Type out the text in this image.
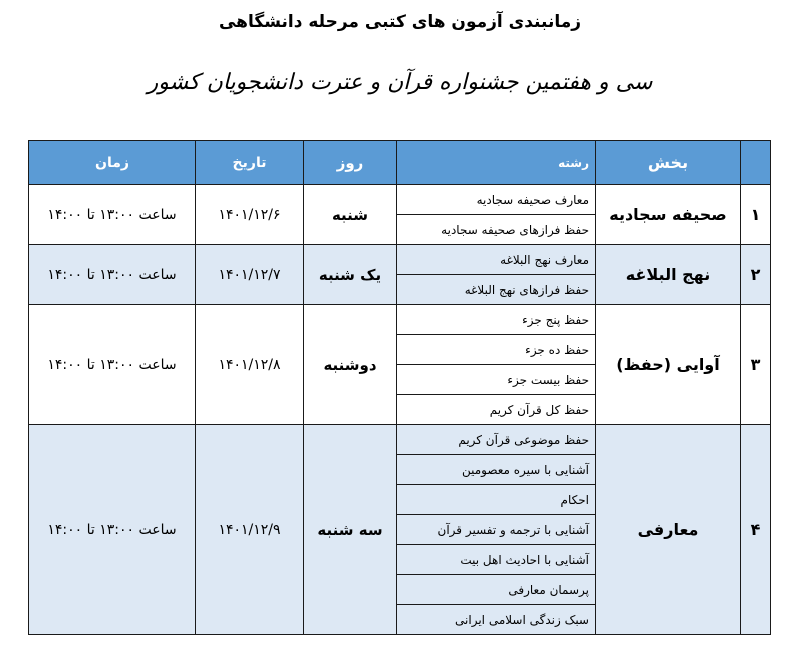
زمانبندی آزمون های کتبی مرحله دانشگاهی
سی و هفتمین جشنواره قرآن و عترت دانشجویان کشور
	بخش	رشته	روز	تاریخ	زمان
۱	صحیفه سجادیه	معارف صحیفه سجادیه	شنبه	۱۴۰۱/۱۲/۶	ساعت ۱۳:۰۰ تا ۱۴:۰۰
		حفظ فرازهای صحیفه سجادیه			
۲	نهج البلاغه	معارف نهج البلاغه	یک شنبه	۱۴۰۱/۱۲/۷	ساعت ۱۳:۰۰ تا ۱۴:۰۰
		حفظ فرازهای نهج البلاغه			
۳	آوایی (حفظ)	حفظ پنج جزء	دوشنبه	۱۴۰۱/۱۲/۸	ساعت ۱۳:۰۰ تا ۱۴:۰۰
		حفظ ده جزء			
		حفظ بیست جزء			
		حفظ کل قرآن کریم			
۴	معارفی	حفظ موضوعی قرآن کریم	سه شنبه	۱۴۰۱/۱۲/۹	ساعت ۱۳:۰۰ تا ۱۴:۰۰
		آشنایی با سیره معصومین			
		احکام			
		آشنایی با ترجمه و تفسیر قرآن			
		آشنایی با احادیث اهل بیت			
		پرسمان معارفی			
		سبک زندگی اسلامی ایرانی			
